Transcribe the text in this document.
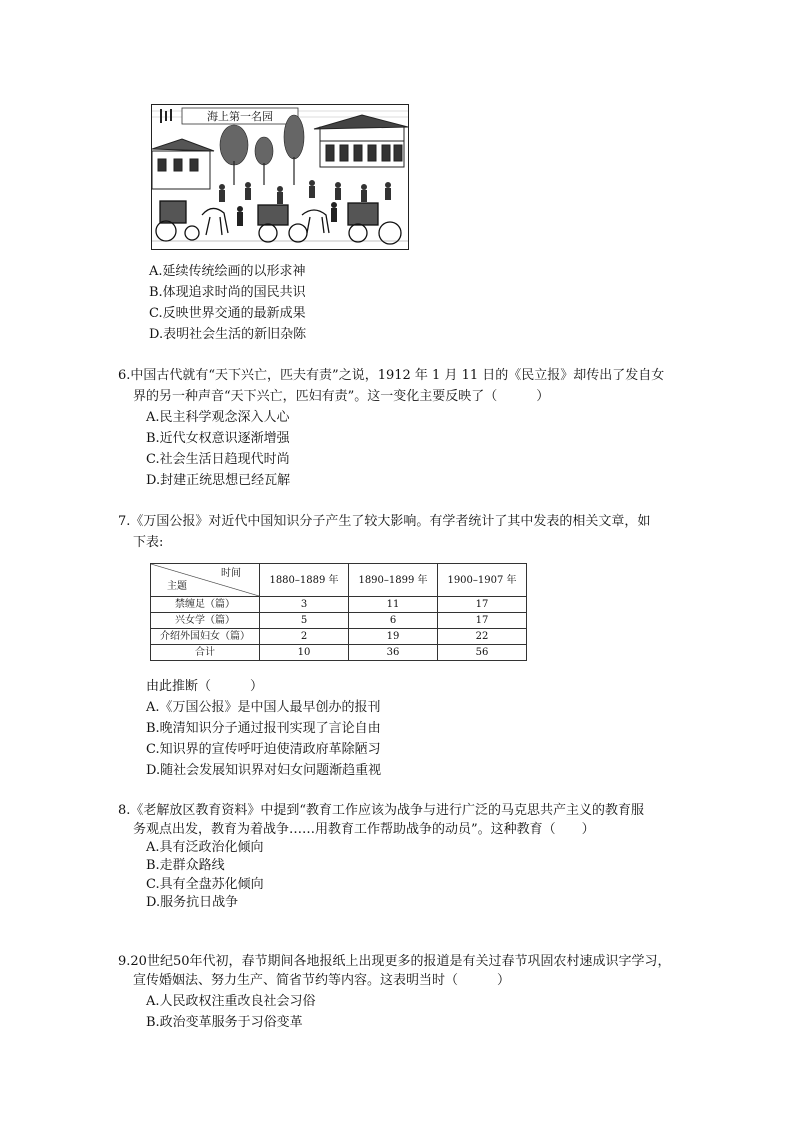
海上第一名园
A.延续传统绘画的以形求神
B.体现追求时尚的国民共识
C.反映世界交通的最新成果
D.表明社会生活的新旧杂陈
6.中国古代就有“天下兴亡，匹夫有责”之说，1912 年 1 月 11 日的《民立报》却传出了发自女
界的另一种声音“天下兴亡，匹妇有责”。这一变化主要反映了（　　　）
A.民主科学观念深入人心
B.近代女权意识逐渐增强
C.社会生活日趋现代时尚
D.封建正统思想已经瓦解
7.《万国公报》对近代中国知识分子产生了较大影响。有学者统计了其中发表的相关文章，如
下表:
时间
主题	1880–1889 年	1890–1899 年	1900–1907 年
禁缠足（篇）	3	11	17
兴女学（篇）	5	6	17
介绍外国妇女（篇）	2	19	22
合计	10	36	56
由此推断（　　　）
A.《万国公报》是中国人最早创办的报刊
B.晚清知识分子通过报刊实现了言论自由
C.知识界的宣传呼吁迫使清政府革除陋习
D.随社会发展知识界对妇女问题渐趋重视
8.《老解放区教育资料》中提到“教育工作应该为战争与进行广泛的马克思共产主义的教育服
务观点出发，教育为着战争……用教育工作帮助战争的动员”。这种教育（　　）
A.具有泛政治化倾向
B.走群众路线
C.具有全盘苏化倾向
D.服务抗日战争
9.20世纪50年代初，春节期间各地报纸上出现更多的报道是有关过春节巩固农村速成识字学习，
宣传婚姻法、努力生产、简省节约等内容。这表明当时（　　　）
A.人民政权注重改良社会习俗
B.政治变革服务于习俗变革
